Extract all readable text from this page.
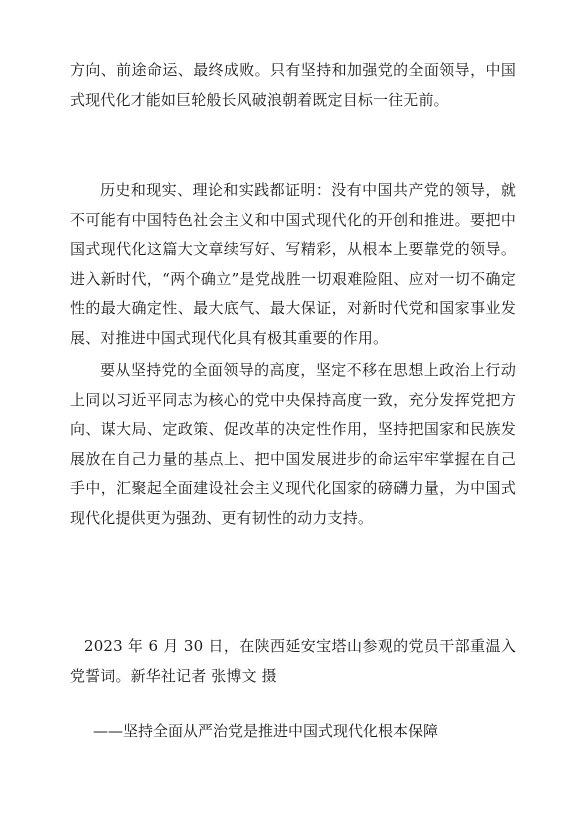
方向、前途命运、最终成败。只有坚持和加强党的全面领导，中国式现代化才能如巨轮般长风破浪朝着既定目标一往无前。

历史和现实、理论和实践都证明：没有中国共产党的领导，就不可能有中国特色社会主义和中国式现代化的开创和推进。要把中国式现代化这篇大文章续写好、写精彩，从根本上要靠党的领导。进入新时代，“两个确立”是党战胜一切艰难险阻、应对一切不确定性的最大确定性、最大底气、最大保证，对新时代党和国家事业发展、对推进中国式现代化具有极其重要的作用。

要从坚持党的全面领导的高度，坚定不移在思想上政治上行动上同以习近平同志为核心的党中央保持高度一致，充分发挥党把方向、谋大局、定政策、促改革的决定性作用，坚持把国家和民族发展放在自己力量的基点上、把中国发展进步的命运牢牢掌握在自己手中，汇聚起全面建设社会主义现代化国家的磅礴力量，为中国式现代化提供更为强劲、更有韧性的动力支持。

2023 年 6 月 30 日，在陕西延安宝塔山参观的党员干部重温入党誓词。新华社记者 张博文 摄

——坚持全面从严治党是推进中国式现代化根本保障
